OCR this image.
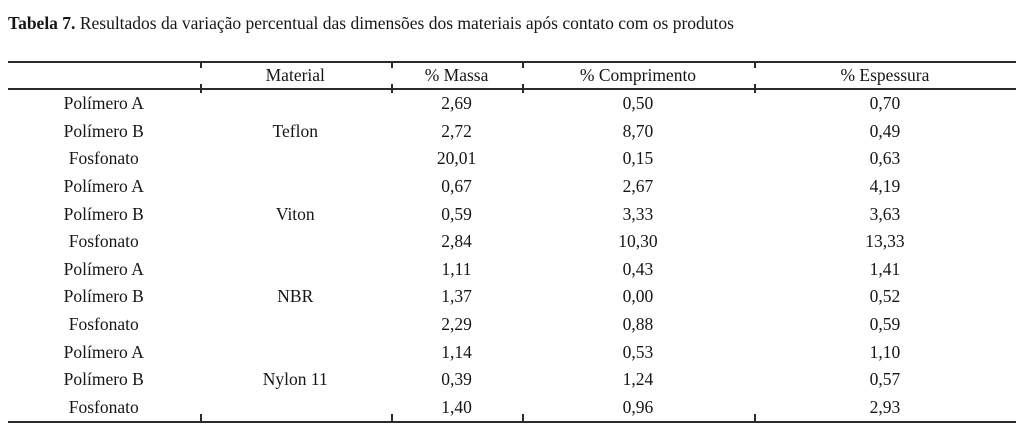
Tabela 7. Resultados da variação percentual das dimensões dos materiais após contato com os produtos

	Material	% Massa	% Comprimento	% Espessura
Polímero A		2,69	0,50	0,70
Polímero B	Teflon	2,72	8,70	0,49
Fosfonato		20,01	0,15	0,63
Polímero A		0,67	2,67	4,19
Polímero B	Viton	0,59	3,33	3,63
Fosfonato		2,84	10,30	13,33
Polímero A		1,11	0,43	1,41
Polímero B	NBR	1,37	0,00	0,52
Fosfonato		2,29	0,88	0,59
Polímero A		1,14	0,53	1,10
Polímero B	Nylon 11	0,39	1,24	0,57
Fosfonato		1,40	0,96	2,93
